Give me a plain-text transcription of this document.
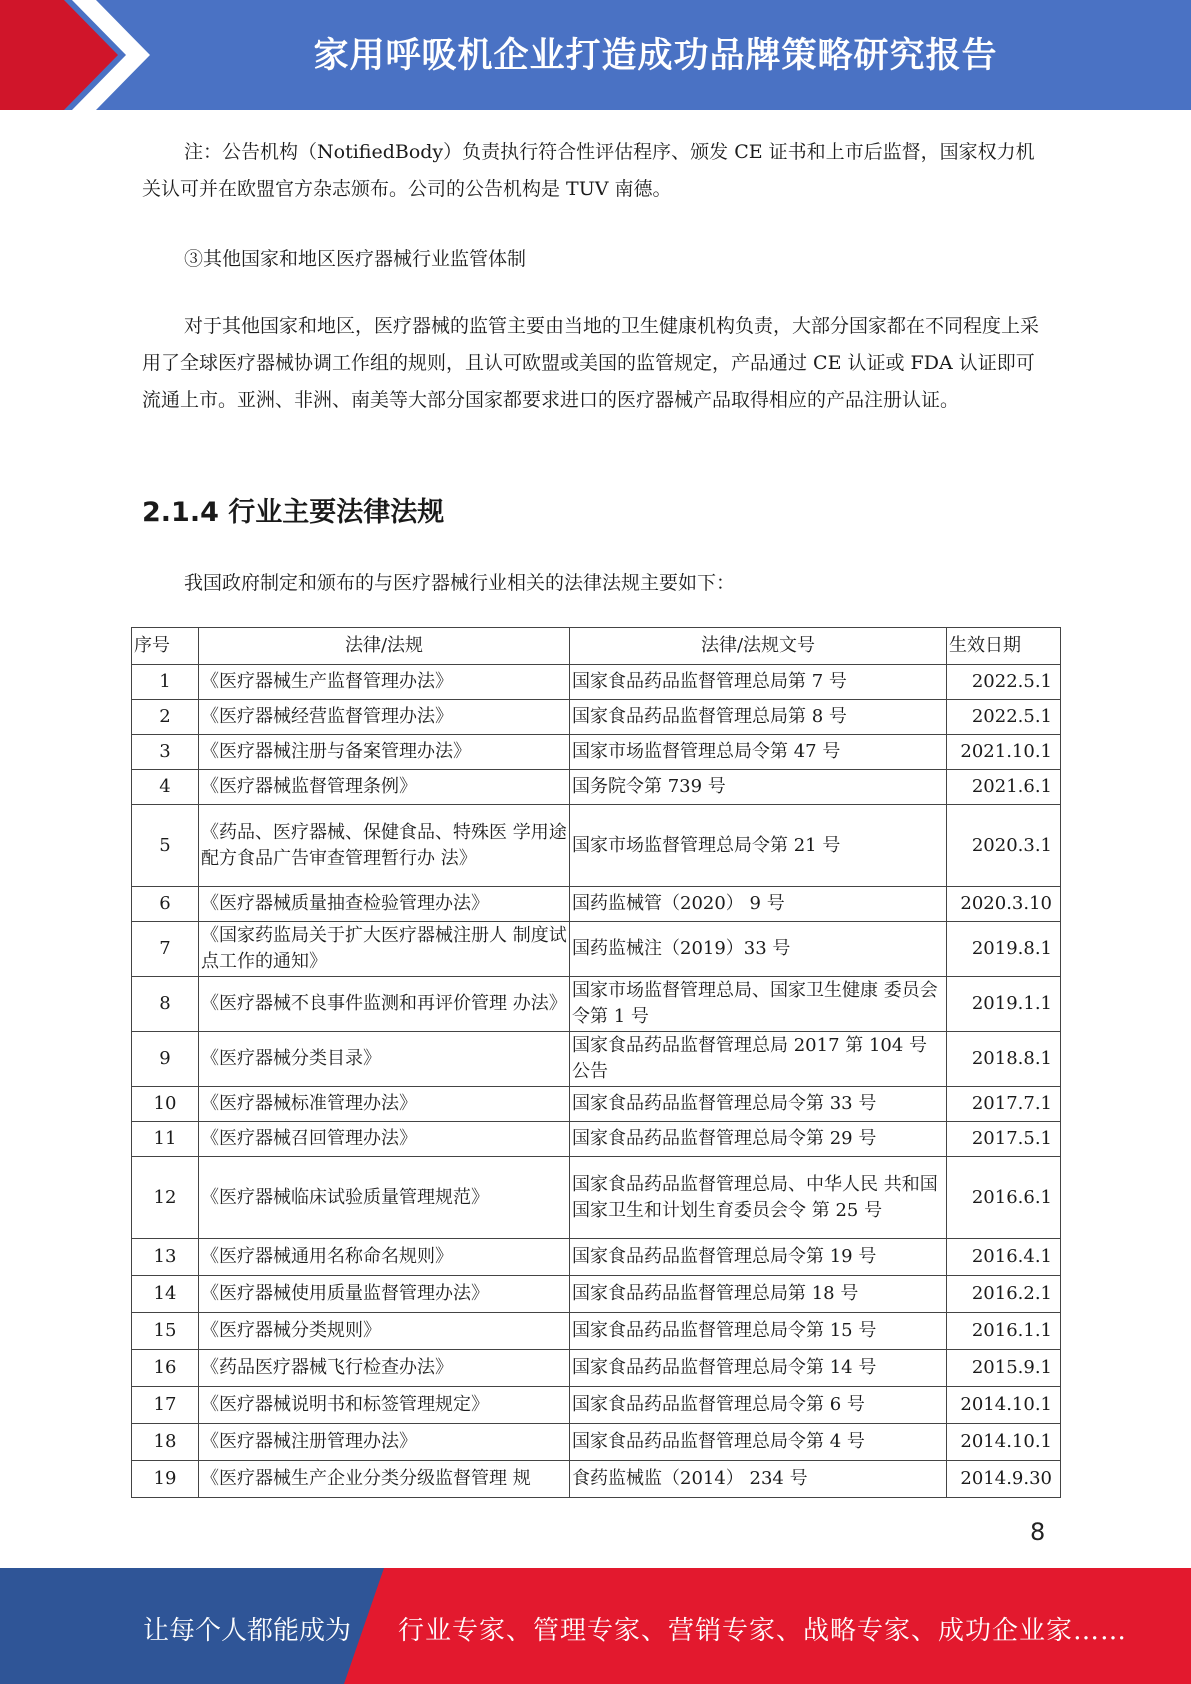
家用呼吸机企业打造成功品牌策略研究报告

注：公告机构（NotifiedBody）负责执行符合性评估程序、颁发 CE 证书和上市后监督，国家权力机关认可并在欧盟官方杂志颁布。公司的公告机构是 TUV 南德。

③其他国家和地区医疗器械行业监管体制

对于其他国家和地区，医疗器械的监管主要由当地的卫生健康机构负责，大部分国家都在不同程度上采用了全球医疗器械协调工作组的规则，且认可欧盟或美国的监管规定，产品通过 CE 认证或 FDA 认证即可流通上市。亚洲、非洲、南美等大部分国家都要求进口的医疗器械产品取得相应的产品注册认证。

2.1.4 行业主要法律法规

我国政府制定和颁布的与医疗器械行业相关的法律法规主要如下：

序号	法律/法规	法律/法规文号	生效日期
1	《医疗器械生产监督管理办法》	国家食品药品监督管理总局第 7 号	2022.5.1
2	《医疗器械经营监督管理办法》	国家食品药品监督管理总局第 8 号	2022.5.1
3	《医疗器械注册与备案管理办法》	国家市场监督管理总局令第 47 号	2021.10.1
4	《医疗器械监督管理条例》	国务院令第 739 号	2021.6.1
5	《药品、医疗器械、保健食品、特殊医 学用途配方食品广告审查管理暂行办 法》	国家市场监督管理总局令第 21 号	2020.3.1
6	《医疗器械质量抽查检验管理办法》	国药监械管（2020） 9 号	2020.3.10
7	《国家药监局关于扩大医疗器械注册人 制度试点工作的通知》	国药监械注（2019）33 号	2019.8.1
8	《医疗器械不良事件监测和再评价管理 办法》	国家市场监督管理总局、国家卫生健康 委员会令第 1 号	2019.1.1
9	《医疗器械分类目录》	国家食品药品监督管理总局 2017 第 104 号公告	2018.8.1
10	《医疗器械标准管理办法》	国家食品药品监督管理总局令第 33 号	2017.7.1
11	《医疗器械召回管理办法》	国家食品药品监督管理总局令第 29 号	2017.5.1
12	《医疗器械临床试验质量管理规范》	国家食品药品监督管理总局、中华人民 共和国国家卫生和计划生育委员会令 第 25 号	2016.6.1
13	《医疗器械通用名称命名规则》	国家食品药品监督管理总局令第 19 号	2016.4.1
14	《医疗器械使用质量监督管理办法》	国家食品药品监督管理总局第 18 号	2016.2.1
15	《医疗器械分类规则》	国家食品药品监督管理总局令第 15 号	2016.1.1
16	《药品医疗器械飞行检查办法》	国家食品药品监督管理总局令第 14 号	2015.9.1
17	《医疗器械说明书和标签管理规定》	国家食品药品监督管理总局令第 6 号	2014.10.1
18	《医疗器械注册管理办法》	国家食品药品监督管理总局令第 4 号	2014.10.1
19	《医疗器械生产企业分类分级监督管理 规	食药监械监（2014） 234 号	2014.9.30
8
让每个人都能成为 行业专家、管理专家、营销专家、战略专家、成功企业家……
